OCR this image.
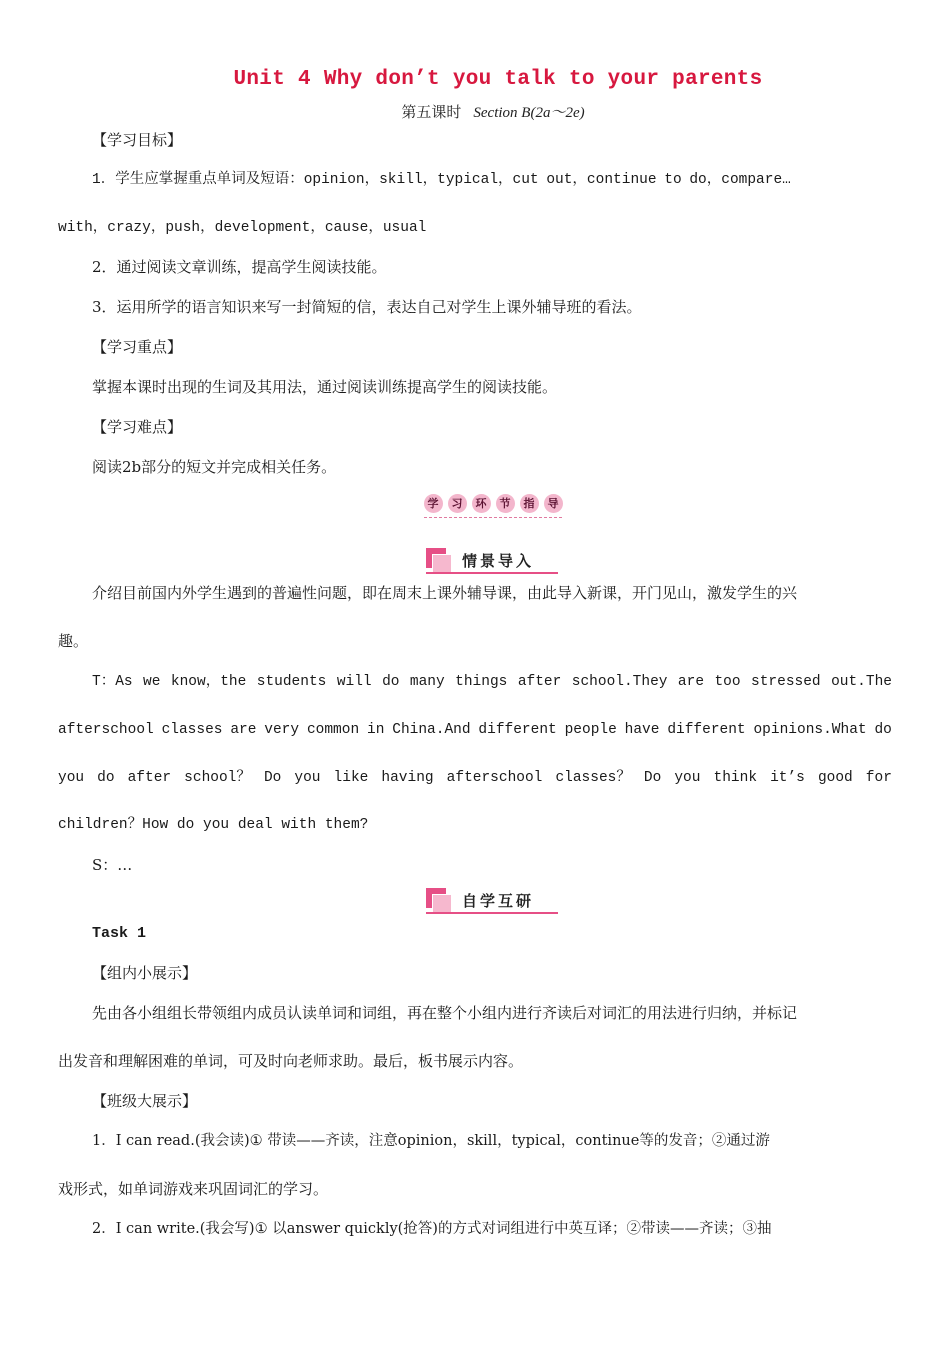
Unit 4 Why don’t you talk to your parents
第五课时 Section B(2a～2e)
【学习目标】
1．学生应掌握重点单词及短语：opinion，skill，typical，cut out，continue to do，compare…
with，crazy，push，development，cause，usual
2．通过阅读文章训练，提高学生阅读技能。
3．运用所学的语言知识来写一封简短的信，表达自己对学生上课外辅导班的看法。
【学习重点】
掌握本课时出现的生词及其用法，通过阅读训练提高学生的阅读技能。
【学习难点】
阅读2b部分的短文并完成相关任务。
学	习	环	节	指	导
情景导入
介绍目前国内外学生遇到的普遍性问题，即在周末上课外辅导课，由此导入新课，开门见山，激发学生的兴
趣。
T：As we know，the students will do many things after school.They are too stressed out.The
afterschool classes are very common in China.And different people have different opinions.What do
you do after school？ Do you like having afterschool classes？ Do you think it’s good for
children？How do you deal with them?
S：…
自学互研
Task 1
【组内小展示】
先由各小组组长带领组内成员认读单词和词组，再在整个小组内进行齐读后对词汇的用法进行归纳，并标记
出发音和理解困难的单词，可及时向老师求助。最后，板书展示内容。
【班级大展示】
1．I can read.(我会读)① 带读——齐读，注意opinion，skill，typical，continue等的发音；②通过游
戏形式，如单词游戏来巩固词汇的学习。
2．I can write.(我会写)① 以answer quickly(抢答)的方式对词组进行中英互译；②带读——齐读；③抽
